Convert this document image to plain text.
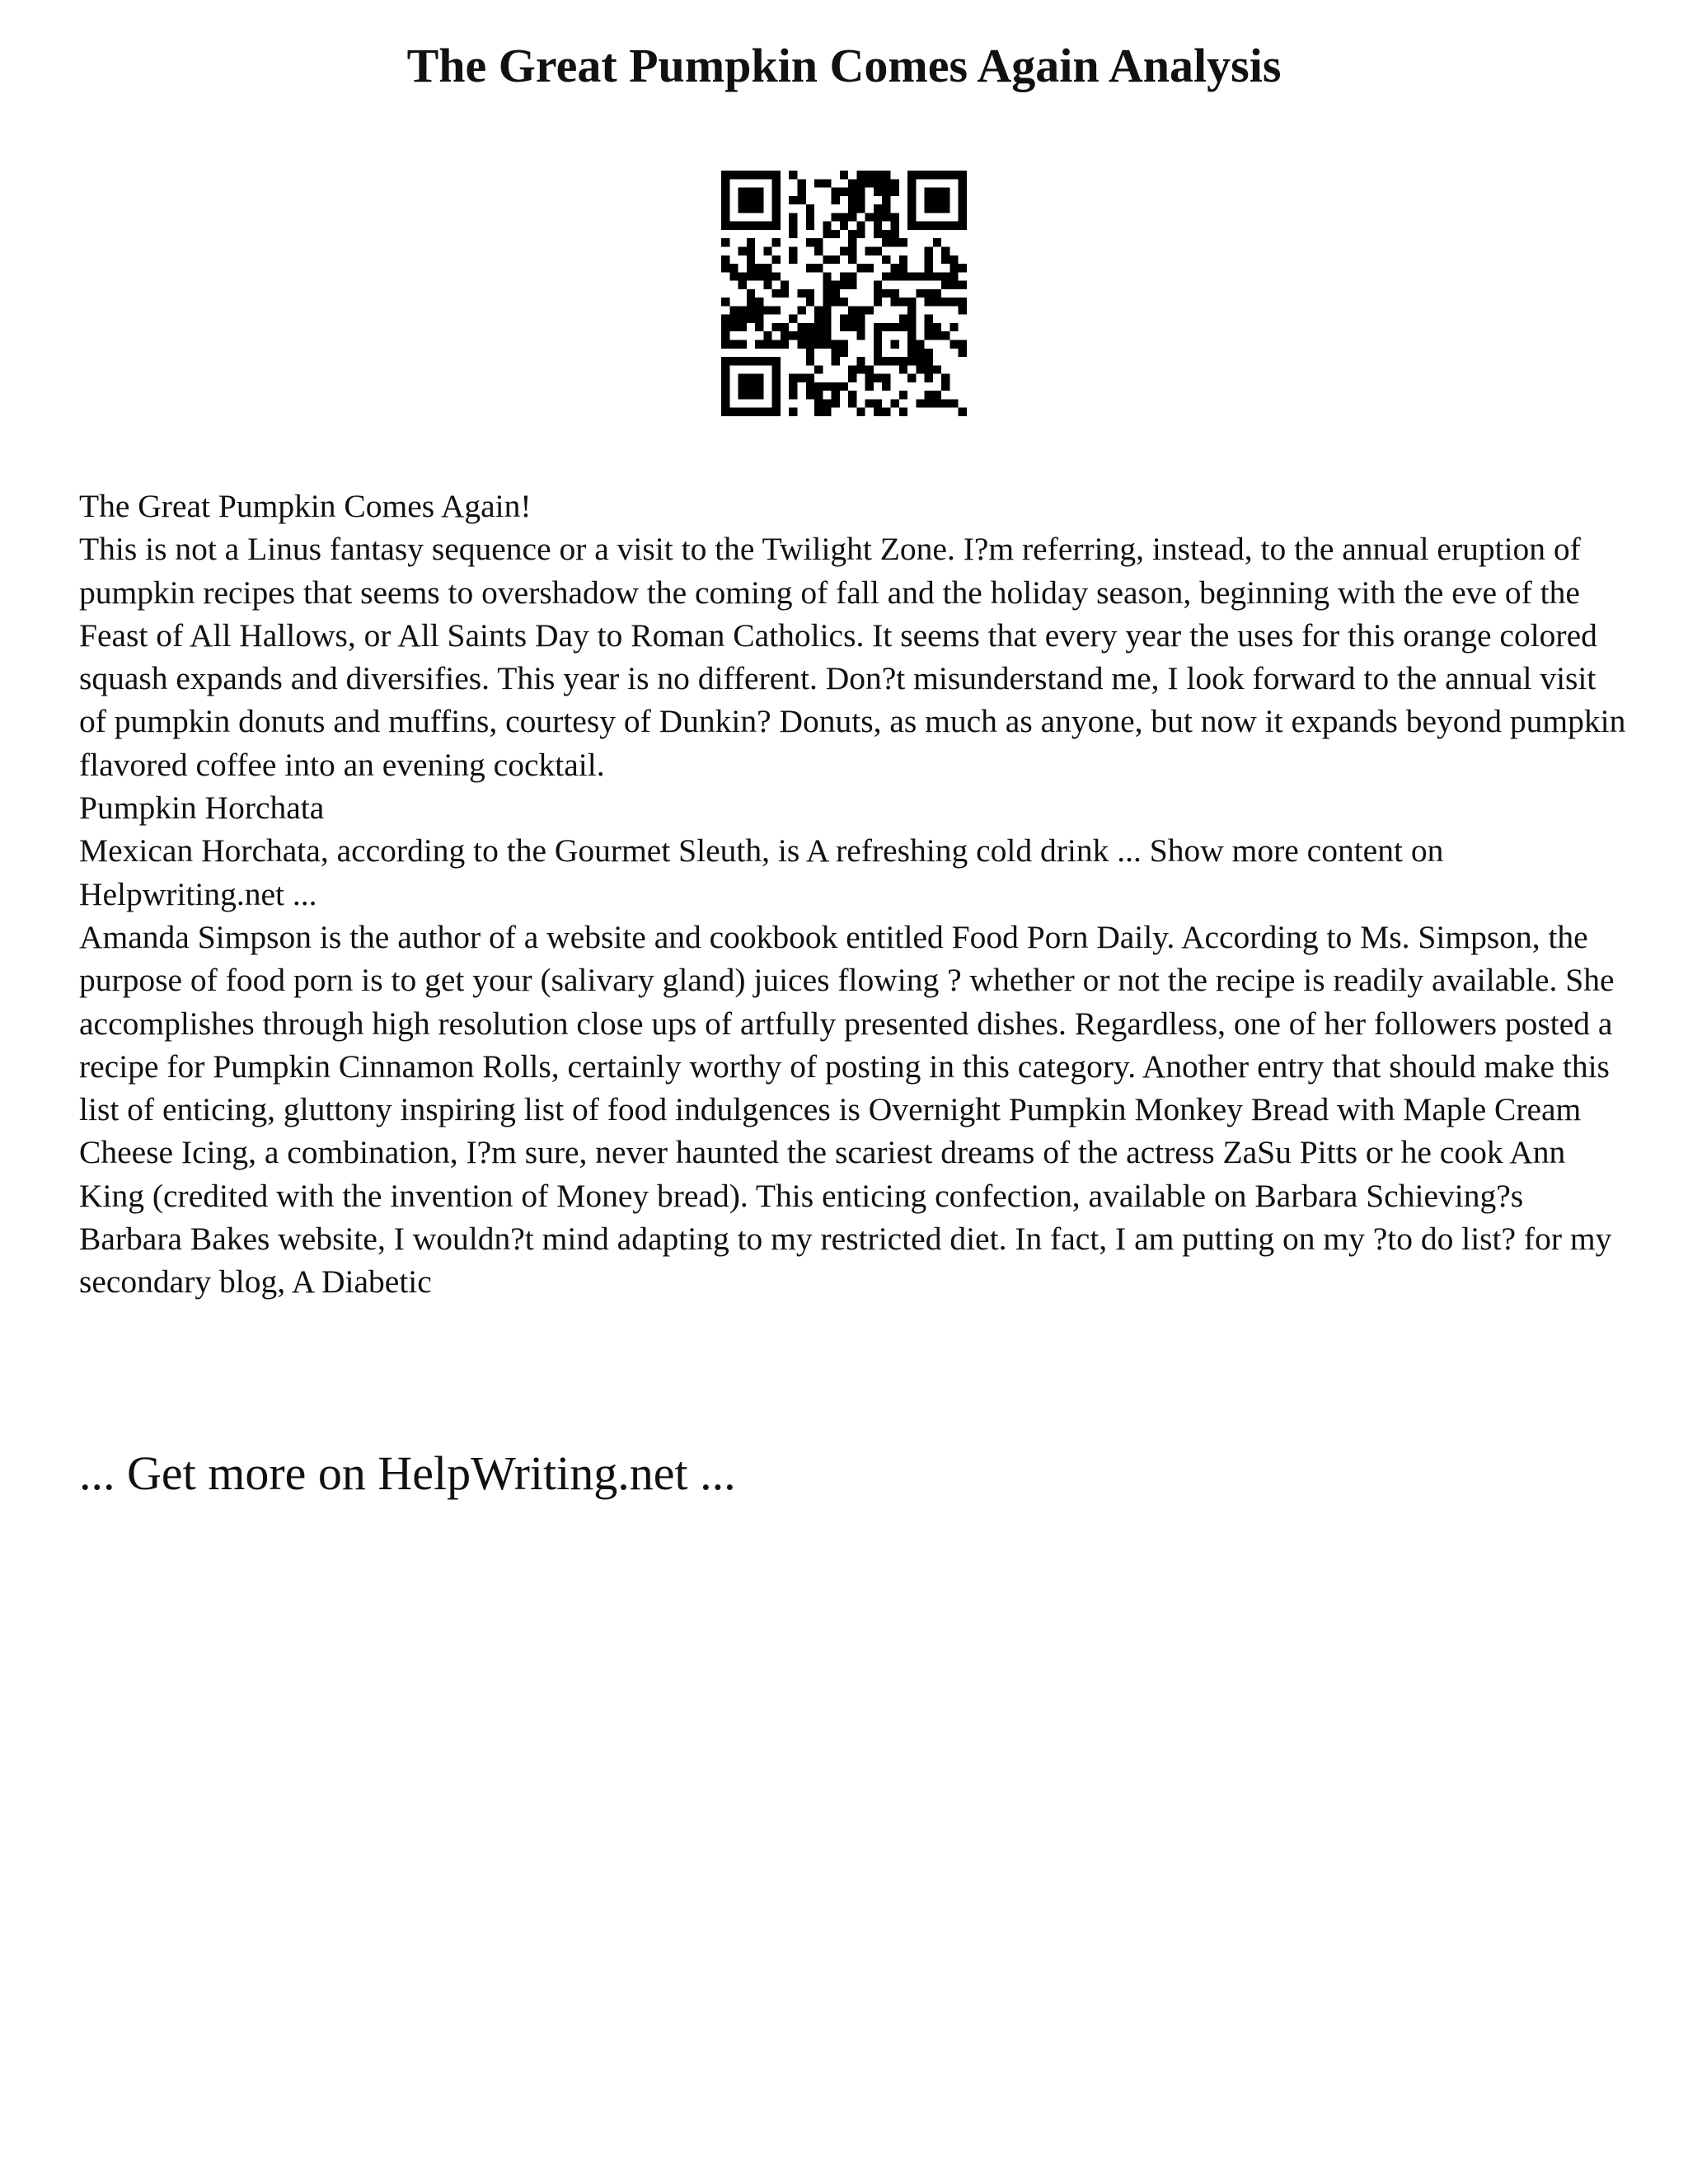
The Great Pumpkin Comes Again Analysis

The Great Pumpkin Comes Again!

This is not a Linus fantasy sequence or a visit to the Twilight Zone. I?m referring, instead, to the annual eruption of pumpkin recipes that seems to overshadow the coming of fall and the holiday season, beginning with the eve of the Feast of All Hallows, or All Saints Day to Roman Catholics. It seems that every year the uses for this orange colored squash expands and diversifies. This year is no different. Don?t misunderstand me, I look forward to the annual visit of pumpkin donuts and muffins, courtesy of Dunkin? Donuts, as much as anyone, but now it expands beyond pumpkin flavored coffee into an evening cocktail.

Pumpkin Horchata

Mexican Horchata, according to the Gourmet Sleuth, is A refreshing cold drink ... Show more content on Helpwriting.net ...

Amanda Simpson is the author of a website and cookbook entitled Food Porn Daily. According to Ms. Simpson, the purpose of food porn is to get your (salivary gland) juices flowing ? whether or not the recipe is readily available. She accomplishes through high resolution close ups of artfully presented dishes. Regardless, one of her followers posted a recipe for Pumpkin Cinnamon Rolls, certainly worthy of posting in this category. Another entry that should make this list of enticing, gluttony inspiring list of food indulgences is Overnight Pumpkin Monkey Bread with Maple Cream Cheese Icing, a combination, I?m sure, never haunted the scariest dreams of the actress ZaSu Pitts or he cook Ann King (credited with the invention of Money bread). This enticing confection, available on Barbara Schieving?s Barbara Bakes website, I wouldn?t mind adapting to my restricted diet. In fact, I am putting on my ?to do list? for my secondary blog, A Diabetic

... Get more on HelpWriting.net ...
